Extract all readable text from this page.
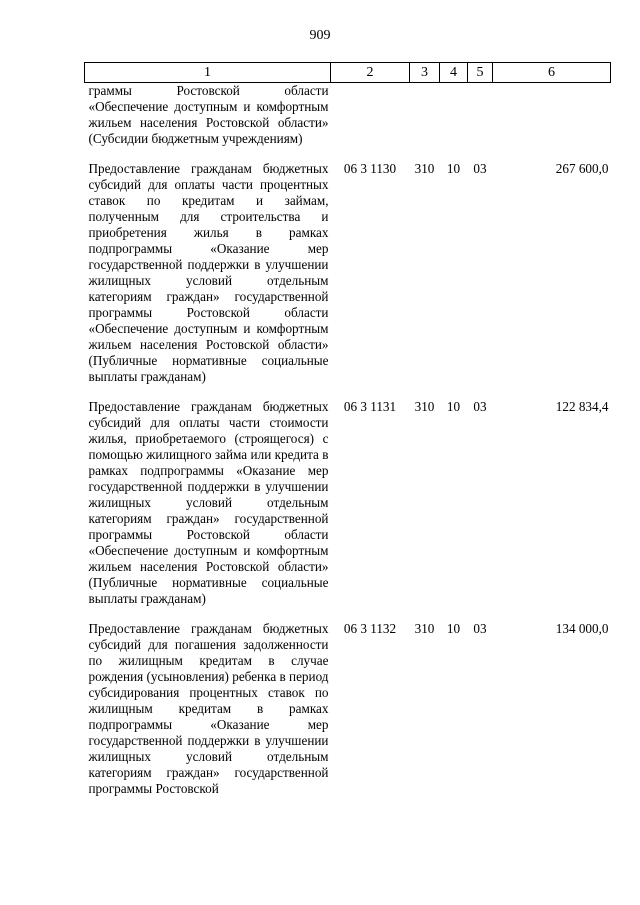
909
1	2	3	4	5	6
граммы Ростовской области «Обеспечение доступным и комфортным жильем населения Ростовской области» (Субсидии бюджетным учреждениям)					
Предоставление гражданам бюджетных субсидий для оплаты части процентных ставок по кредитам и займам, полученным для строительства и приобретения жилья в рамках подпрограммы «Оказание мер государственной поддержки в улучшении жилищных условий отдельным категориям граждан» государственной программы Ростовской области «Обеспечение доступным и комфортным жильем населения Ростовской области» (Публичные нормативные социальные выплаты гражданам)	06 3 1130	310	10	03	267 600,0
Предоставление гражданам бюджетных субсидий для оплаты части стоимости жилья, приобретаемого (строящегося) с помощью жилищного займа или кредита в рамках подпрограммы «Оказание мер государственной поддержки в улучшении жилищных условий отдельным категориям граждан» государственной программы Ростовской области «Обеспечение доступным и комфортным жильем населения Ростовской области» (Публичные нормативные социальные выплаты гражданам)	06 3 1131	310	10	03	122 834,4
Предоставление гражданам бюджетных субсидий для погашения задолженности по жилищным кредитам в случае рождения (усыновления) ребенка в период субсидирования процентных ставок по жилищным кредитам в рамках подпрограммы «Оказание мер государственной поддержки в улучшении жилищных условий отдельным категориям граждан» государственной программы Ростовской	06 3 1132	310	10	03	134 000,0
